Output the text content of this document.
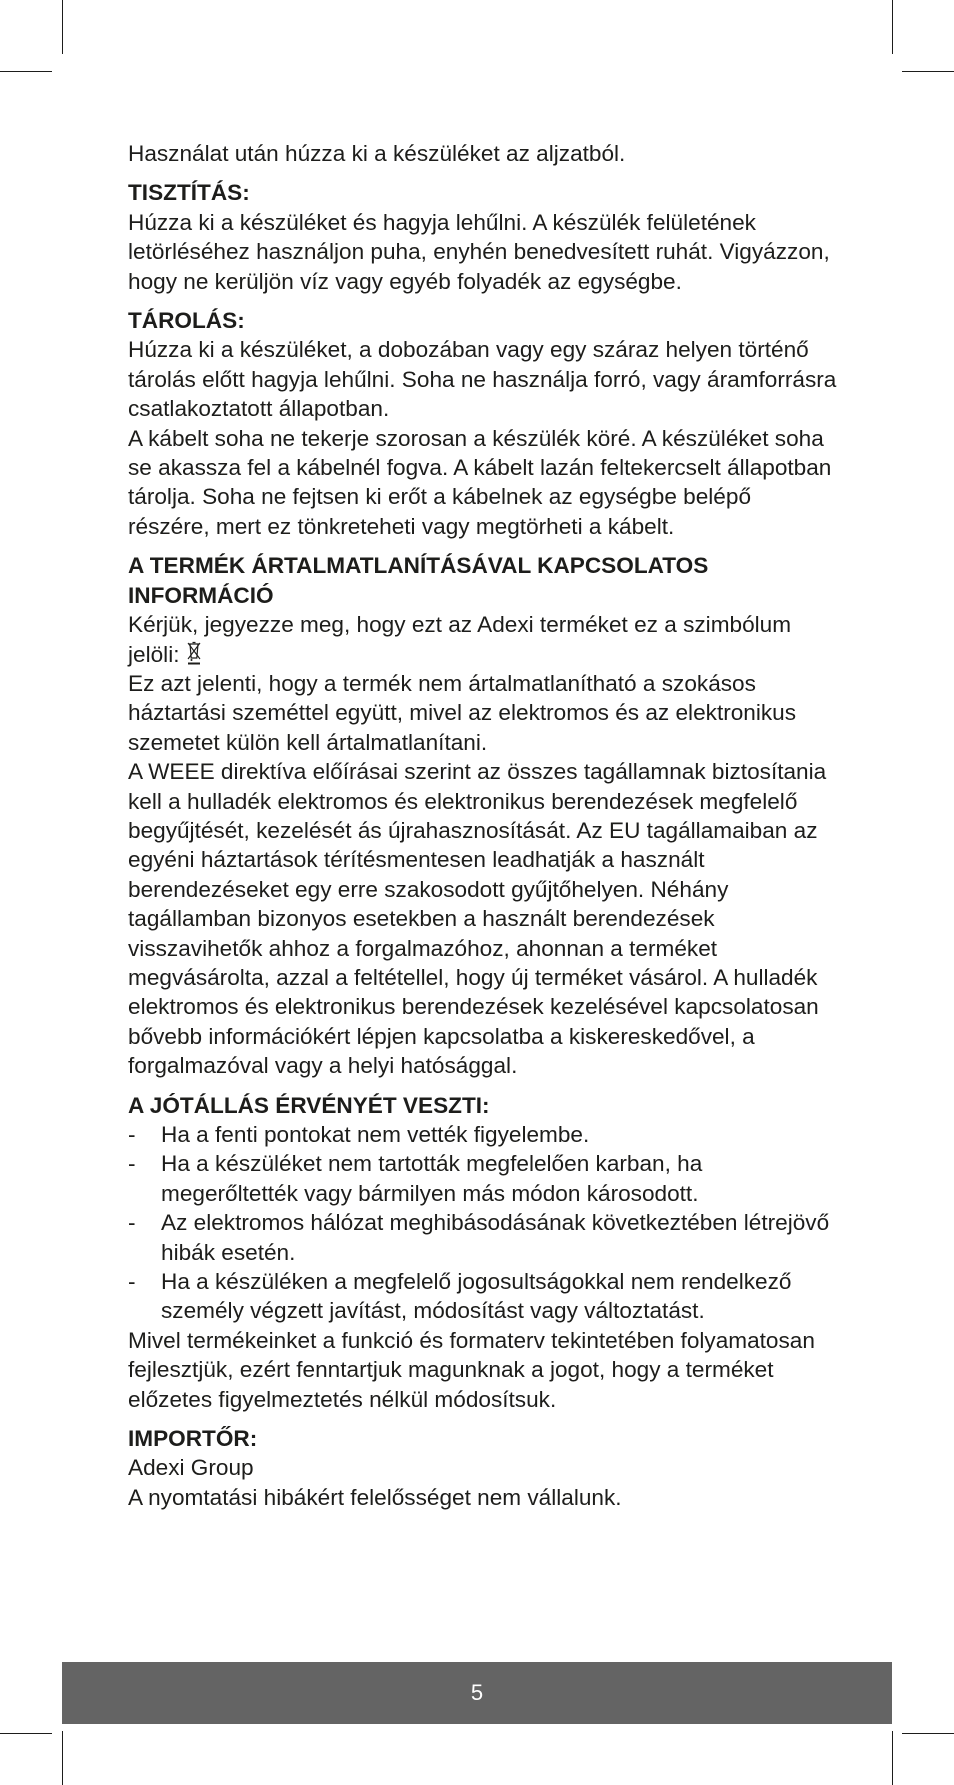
Használat után húzza ki a készüléket az aljzatból.

TISZTÍTÁS:

Húzza ki a készüléket és hagyja lehűlni. A készülék felületének letörléséhez használjon puha, enyhén benedvesített ruhát. Vigyázzon, hogy ne kerüljön víz vagy egyéb folyadék az egységbe.

TÁROLÁS:

Húzza ki a készüléket, a dobozában vagy egy száraz helyen történő tárolás előtt hagyja lehűlni. Soha ne használja forró, vagy áramforrásra csatlakoztatott állapotban.

A kábelt soha ne tekerje szorosan a készülék köré. A készüléket soha se akassza fel a kábelnél fogva. A kábelt lazán feltekercselt állapotban tárolja. Soha ne fejtsen ki erőt a kábelnek az egységbe belépő részére, mert ez tönkreteheti vagy megtörheti a kábelt.

A TERMÉK ÁRTALMATLANÍTÁSÁVAL KAPCSOLATOS INFORMÁCIÓ

Kérjük, jegyezze meg, hogy ezt az Adexi terméket ez a szimbólum jelöli:

Ez azt jelenti, hogy a termék nem ártalmatlanítható a szokásos háztartási szeméttel együtt, mivel az elektromos és az elektronikus szemetet külön kell ártalmatlanítani.

A WEEE direktíva előírásai szerint az összes tagállamnak biztosítania kell a hulladék elektromos és elektronikus berendezések megfelelő begyűjtését, kezelését ás újrahasznosítását. Az EU tagállamaiban az egyéni háztartások térítésmentesen leadhatják a használt berendezéseket egy erre szakosodott gyűjtőhelyen. Néhány tagállamban bizonyos esetekben a használt berendezések visszavihetők ahhoz a forgalmazóhoz, ahonnan a terméket megvásárolta, azzal a feltétellel, hogy új terméket vásárol. A hulladék elektromos és elektronikus berendezések kezelésével kapcsolatosan bővebb információkért lépjen kapcsolatba a kiskereskedővel, a forgalmazóval vagy a helyi hatósággal.

A JÓTÁLLÁS ÉRVÉNYÉT VESZTI:

- Ha a fenti pontokat nem vették figyelembe.
- Ha a készüléket nem tartották megfelelően karban, ha megerőltették vagy bármilyen más módon károsodott.
- Az elektromos hálózat meghibásodásának következtében létrejövő hibák esetén.
- Ha a készüléken a megfelelő jogosultságokkal nem rendelkező személy végzett javítást, módosítást vagy változtatást.

Mivel termékeinket a funkció és formaterv tekintetében folyamatosan fejlesztjük, ezért fenntartjuk magunknak a jogot, hogy a terméket előzetes figyelmeztetés nélkül módosítsuk.

IMPORTŐR:

Adexi Group

A nyomtatási hibákért felelősséget nem vállalunk.

5
